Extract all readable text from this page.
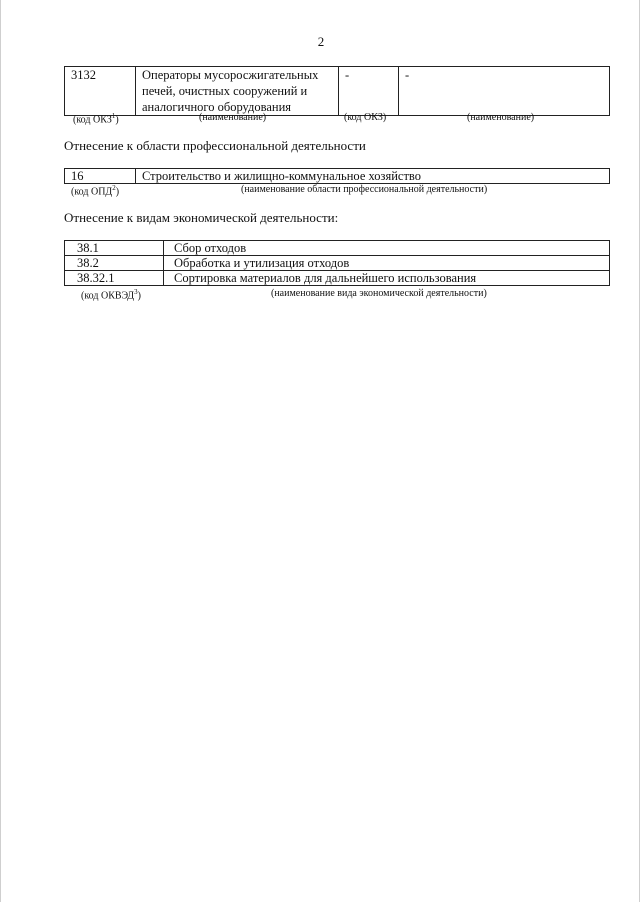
2
3132	Операторы мусоросжигательных
печей, очистных сооружений и
аналогичного оборудования
	-	-
(код ОКЗ$^1$)	(наименование)	(код ОКЗ)	(наименование)
Отнесение к области профессиональной деятельности
16	Строительство и жилищно-коммунальное хозяйство
(код ОПД$^2$)	(наименование области профессиональной деятельности)
Отнесение к видам экономической деятельности:
38.1	Сбор отходов
38.2	Обработка и утилизация отходов
38.32.1	Сортировка материалов для дальнейшего использования
(код ОКВЭД$^3$)	(наименование вида экономической деятельности)
